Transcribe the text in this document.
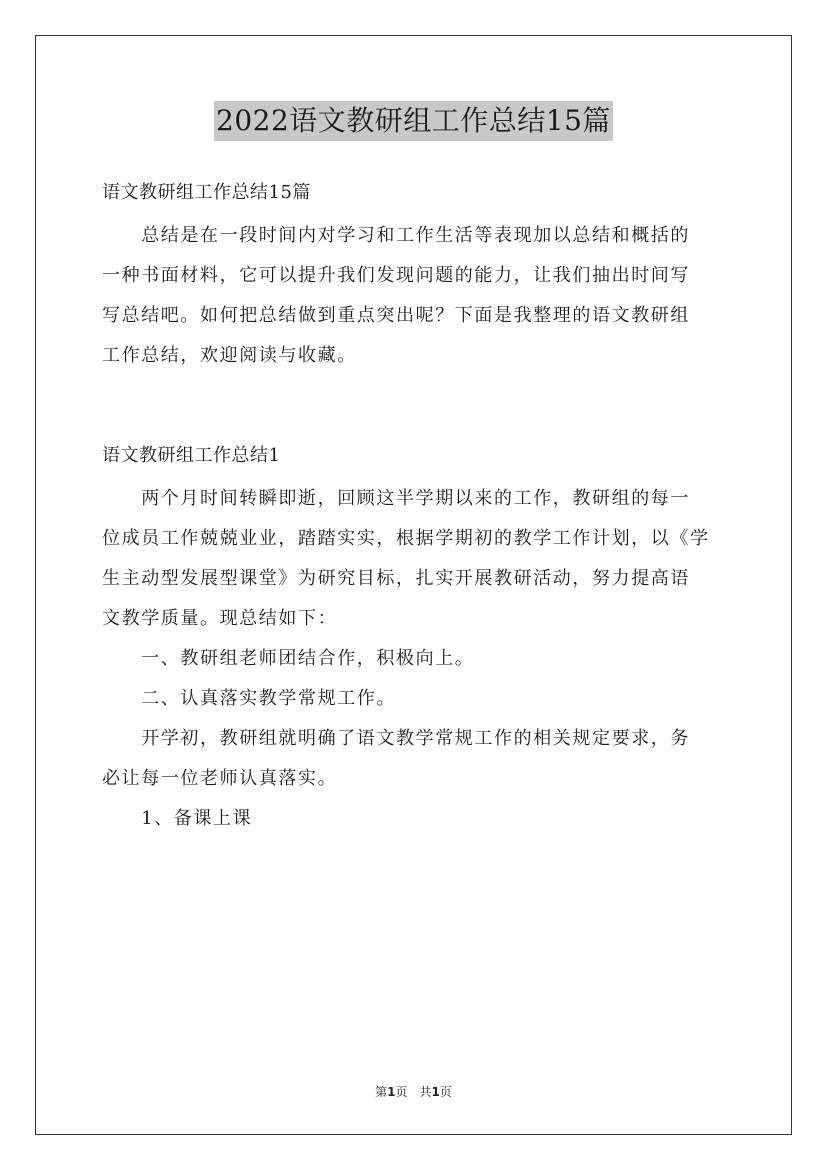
2022语文教研组工作总结15篇
语文教研组工作总结15篇
　　总结是在一段时间内对学习和工作生活等表现加以总结和概括的
一种书面材料，它可以提升我们发现问题的能力，让我们抽出时间写
写总结吧。如何把总结做到重点突出呢？下面是我整理的语文教研组
工作总结，欢迎阅读与收藏。
语文教研组工作总结1
　　两个月时间转瞬即逝，回顾这半学期以来的工作，教研组的每一
位成员工作兢兢业业，踏踏实实，根据学期初的教学工作计划，以《学
生主动型发展型课堂》为研究目标，扎实开展教研活动，努力提高语
文教学质量。现总结如下：
　　一、教研组老师团结合作，积极向上。
　　二、认真落实教学常规工作。
　　开学初，教研组就明确了语文教学常规工作的相关规定要求，务
必让每一位老师认真落实。
　　1、备课上课
第1页　共1页
